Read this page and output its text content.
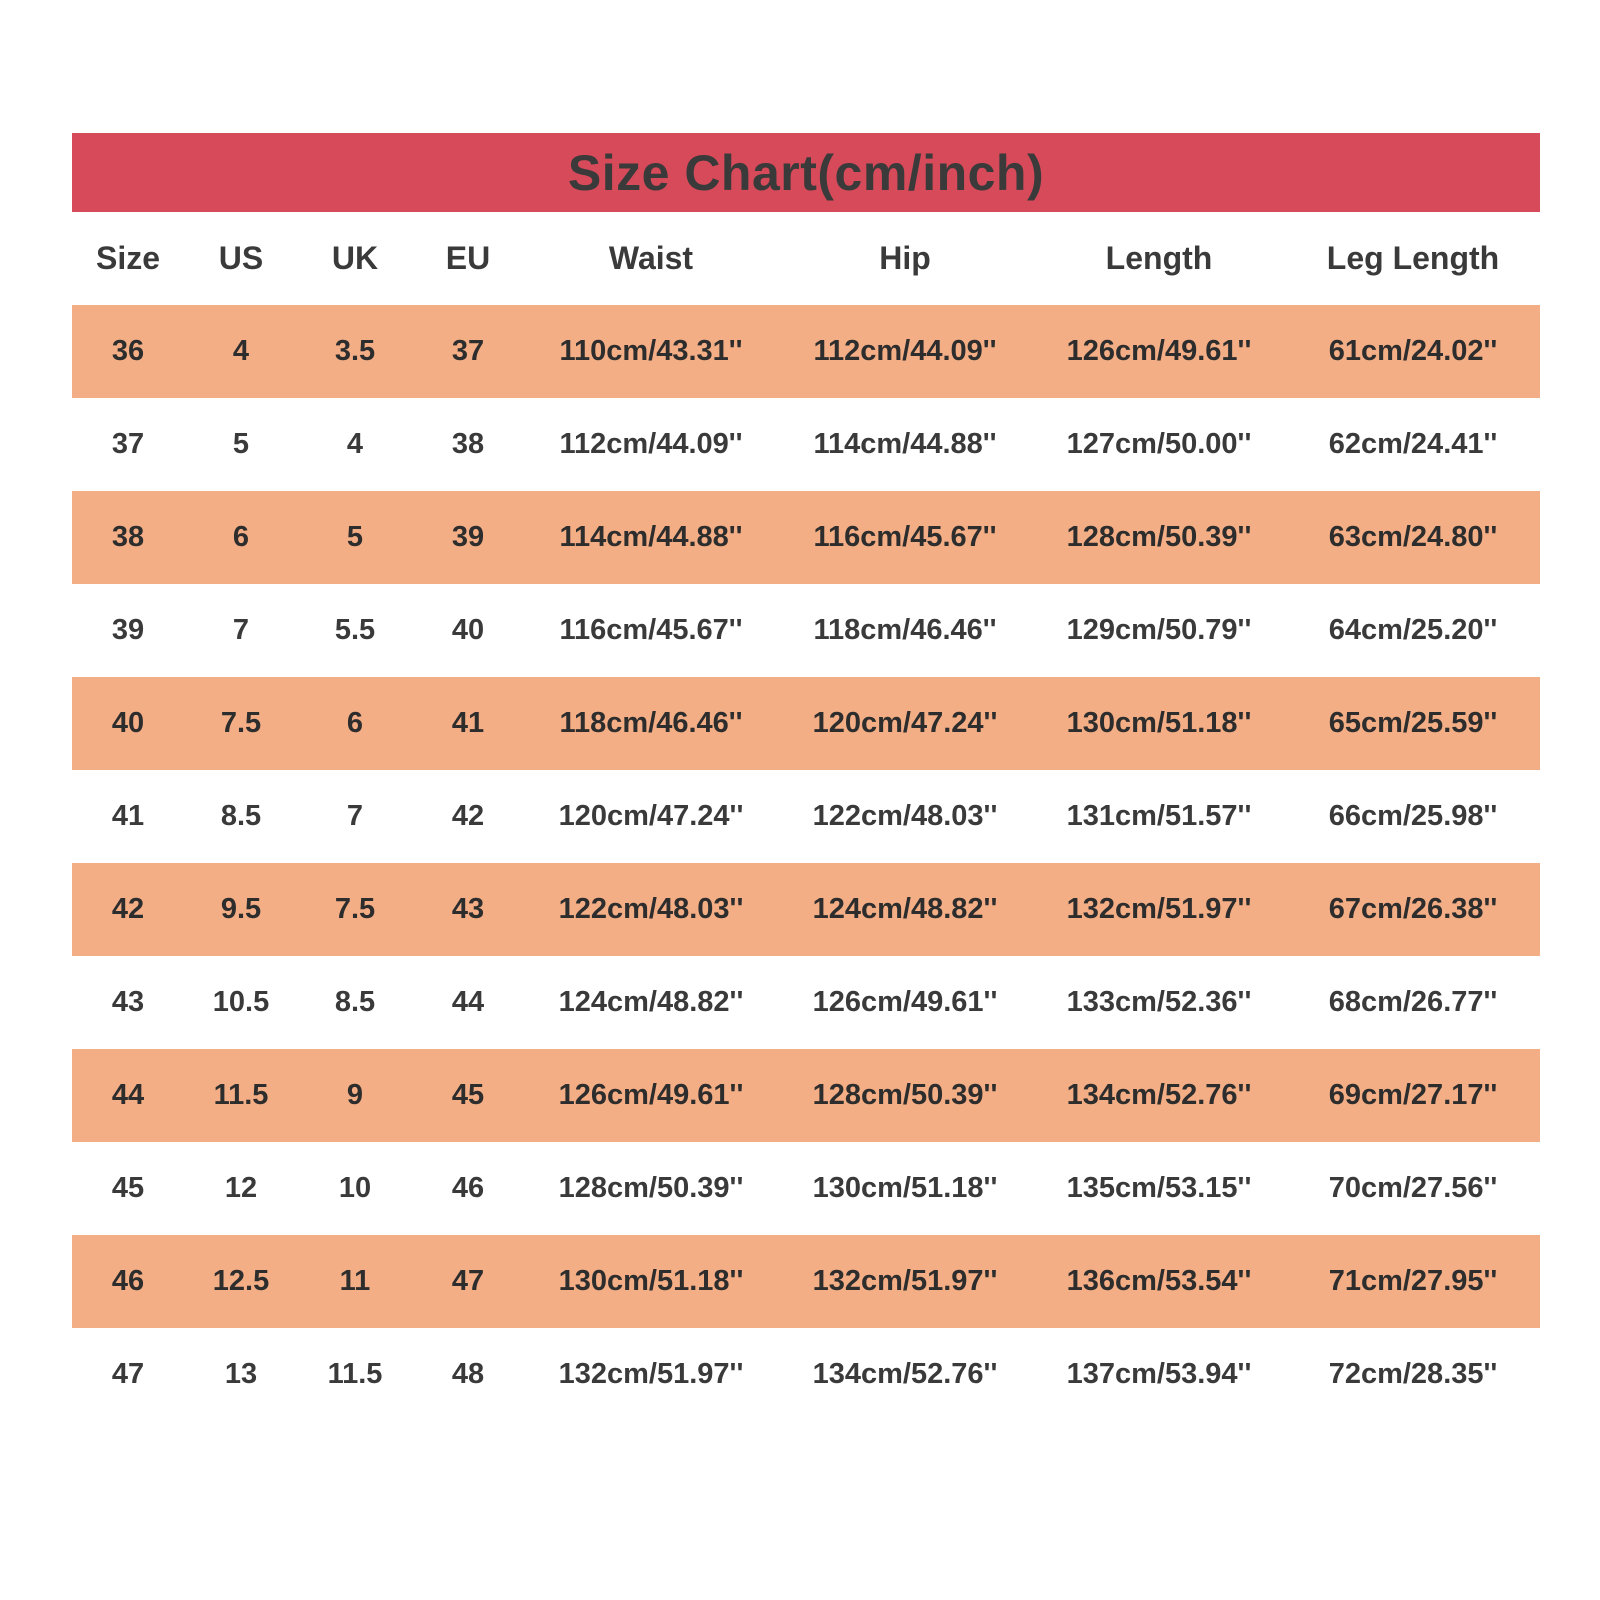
Size Chart(cm/inch)
Size	US	UK	EU	Waist	Hip	Length	Leg Length
36	4	3.5	37	110cm/43.31''	112cm/44.09''	126cm/49.61''	61cm/24.02''
37	5	4	38	112cm/44.09''	114cm/44.88''	127cm/50.00''	62cm/24.41''
38	6	5	39	114cm/44.88''	116cm/45.67''	128cm/50.39''	63cm/24.80''
39	7	5.5	40	116cm/45.67''	118cm/46.46''	129cm/50.79''	64cm/25.20''
40	7.5	6	41	118cm/46.46''	120cm/47.24''	130cm/51.18''	65cm/25.59''
41	8.5	7	42	120cm/47.24''	122cm/48.03''	131cm/51.57''	66cm/25.98''
42	9.5	7.5	43	122cm/48.03''	124cm/48.82''	132cm/51.97''	67cm/26.38''
43	10.5	8.5	44	124cm/48.82''	126cm/49.61''	133cm/52.36''	68cm/26.77''
44	11.5	9	45	126cm/49.61''	128cm/50.39''	134cm/52.76''	69cm/27.17''
45	12	10	46	128cm/50.39''	130cm/51.18''	135cm/53.15''	70cm/27.56''
46	12.5	11	47	130cm/51.18''	132cm/51.97''	136cm/53.54''	71cm/27.95''
47	13	11.5	48	132cm/51.97''	134cm/52.76''	137cm/53.94''	72cm/28.35''
